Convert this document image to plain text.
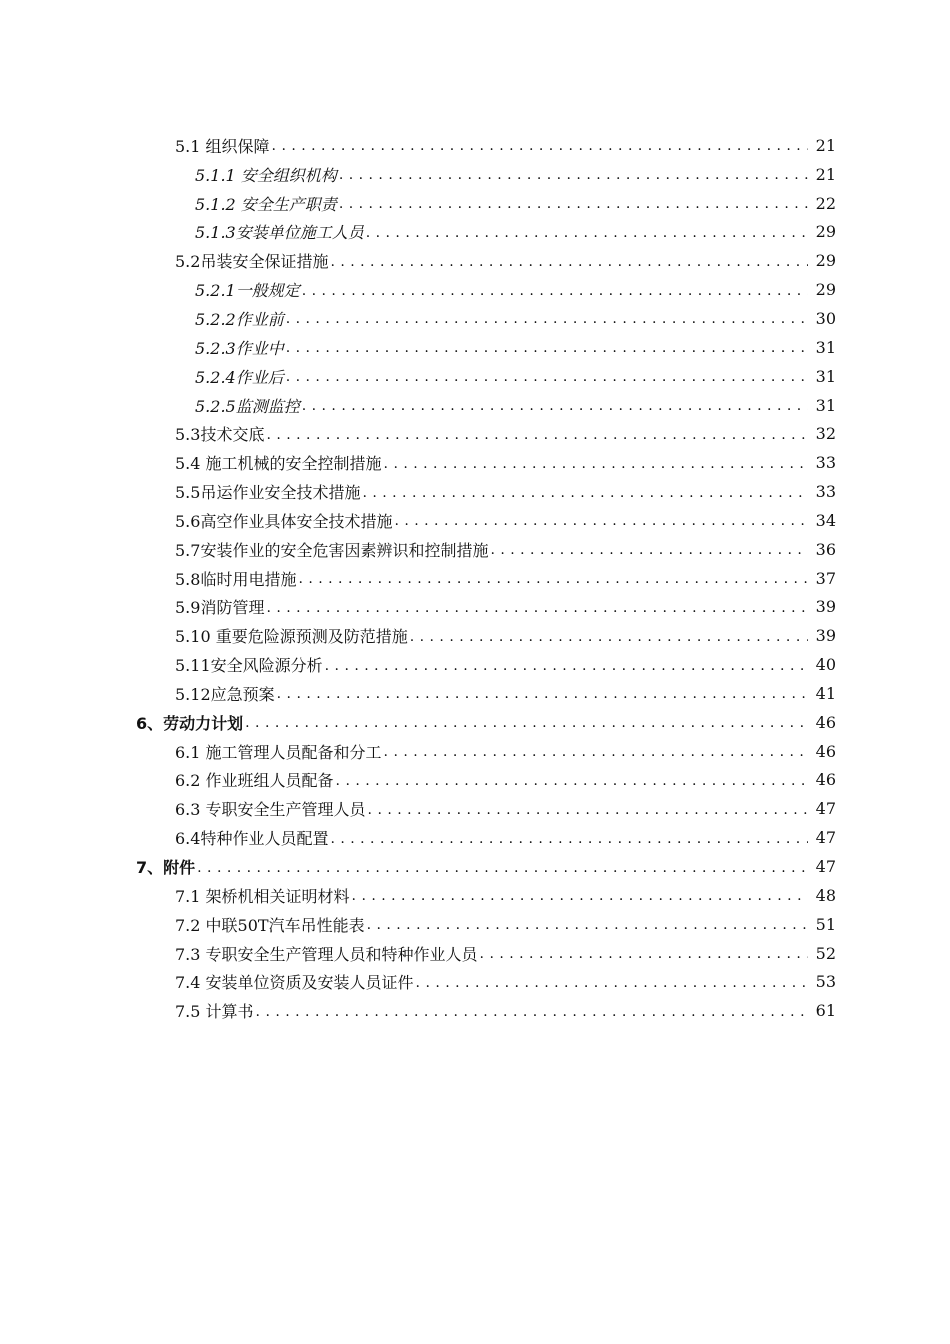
5.1 组织保障 . . .	21
5.1.1 安全组织机构 . . .	21
5.1.2 安全生产职责 . . .	22
5.1.3安装单位施工人员 . . .	29
5.2吊装安全保证措施 . . .	29
5.2.1一般规定 . . .	29
5.2.2作业前 . . .	30
5.2.3作业中 . . .	31
5.2.4作业后 . . .	31
5.2.5监测监控 . . .	31
5.3技术交底 . . .	32
5.4 施工机械的安全控制措施 . . .	33
5.5吊运作业安全技术措施 . . .	33
5.6高空作业具体安全技术措施 . . .	34
5.7安装作业的安全危害因素辨识和控制措施 . . .	36
5.8临时用电措施 . . .	37
5.9消防管理 . . .	39
5.10 重要危险源预测及防范措施 . . .	39
5.11安全风险源分析 . . .	40
5.12应急预案 . . .	41
6、劳动力计划 . . .	46
6.1 施工管理人员配备和分工 . . .	46
6.2 作业班组人员配备 . . .	46
6.3 专职安全生产管理人员 . . .	47
6.4特种作业人员配置 . . .	47
7、附件 . . .	47
7.1 架桥机相关证明材料 . . .	48
7.2 中联50T汽车吊性能表 . . .	51
7.3 专职安全生产管理人员和特种作业人员 . . .	52
7.4 安装单位资质及安装人员证件 . . .	53
7.5 计算书 . . .	61
